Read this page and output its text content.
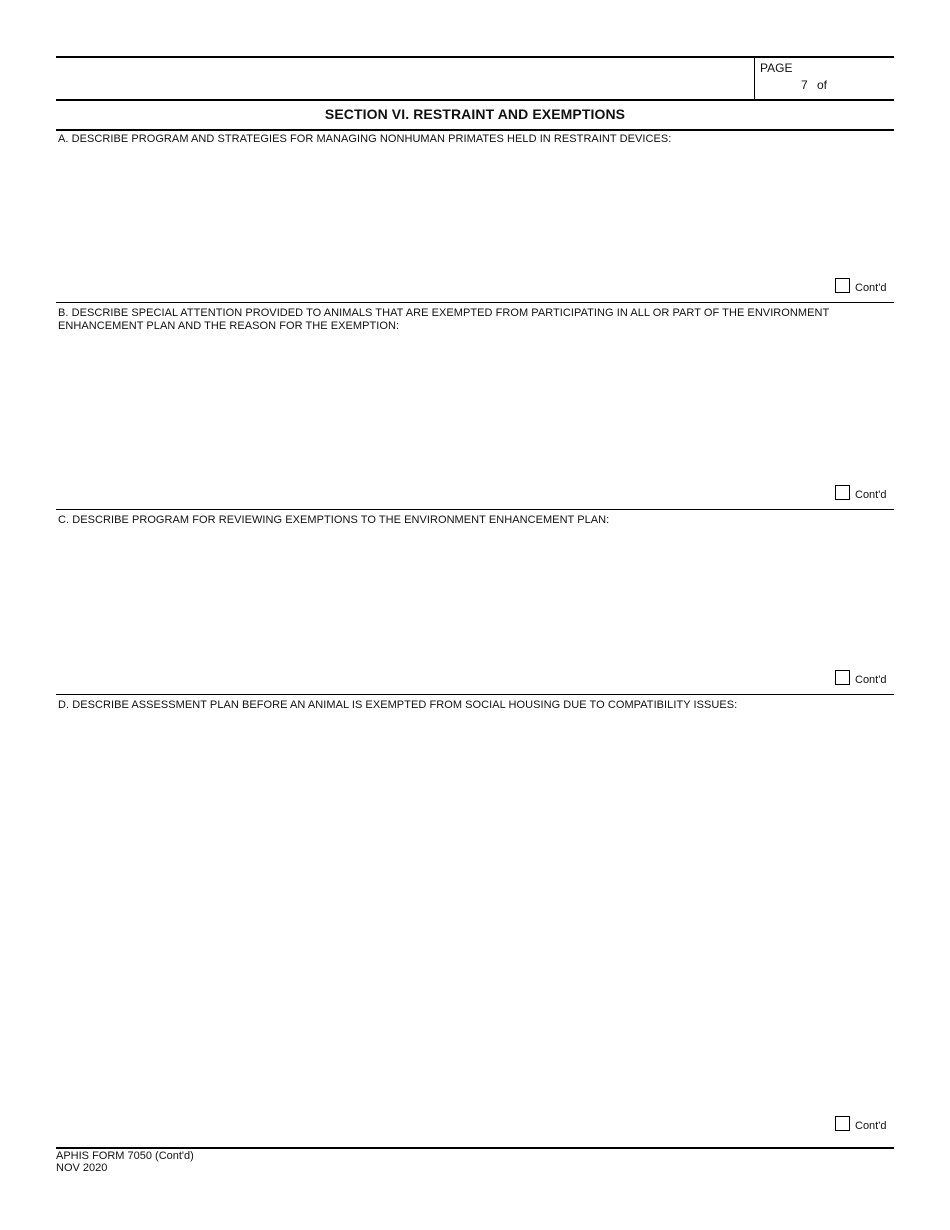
PAGE
7 of
SECTION VI. RESTRAINT AND EXEMPTIONS
A. DESCRIBE PROGRAM AND STRATEGIES FOR MANAGING NONHUMAN PRIMATES HELD IN RESTRAINT DEVICES:
Cont'd
B. DESCRIBE SPECIAL ATTENTION PROVIDED TO ANIMALS THAT ARE EXEMPTED FROM PARTICIPATING IN ALL OR PART OF THE ENVIRONMENT ENHANCEMENT PLAN AND THE REASON FOR THE EXEMPTION:
Cont'd
C. DESCRIBE PROGRAM FOR REVIEWING EXEMPTIONS TO THE ENVIRONMENT ENHANCEMENT PLAN:
Cont'd
D. DESCRIBE ASSESSMENT PLAN BEFORE AN ANIMAL IS EXEMPTED FROM SOCIAL HOUSING DUE TO COMPATIBILITY ISSUES:
Cont'd
APHIS FORM 7050 (Cont'd)
NOV 2020
